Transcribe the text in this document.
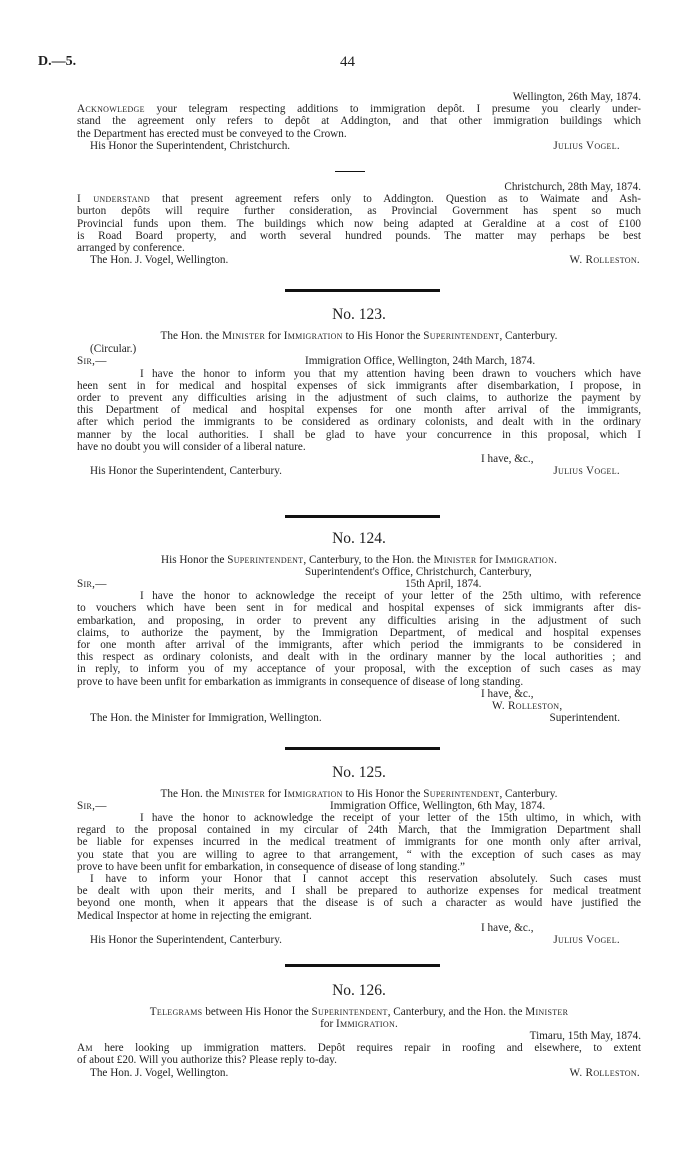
D.—5.	44
Wellington, 26th May, 1874.
Acknowledge your telegram respecting additions to immigration depôt. I presume you clearly under-
stand the agreement only refers to depôt at Addington, and that other immigration buildings which
the Department has erected must be conveyed to the Crown.
His Honor the Superintendent, Christchurch.	Julius Vogel.
Christchurch, 28th May, 1874.
I understand that present agreement refers only to Addington. Question as to Waimate and Ash-
burton depôts will require further consideration, as Provincial Government has spent so much
Provincial funds upon them. The buildings which now being adapted at Geraldine at a cost of £100
is Road Board property, and worth several hundred pounds. The matter may perhaps be best
arranged by conference.
The Hon. J. Vogel, Wellington.	W. Rolleston.
No. 123.
The Hon. the Minister for Immigration to His Honor the Superintendent, Canterbury.
(Circular.)
Sir,—	Immigration Office, Wellington, 24th March, 1874.
I have the honor to inform you that my attention having been drawn to vouchers which have
heen sent in for medical and hospital expenses of sick immigrants after disembarkation, I propose, in
order to prevent any difficulties arising in the adjustment of such claims, to authorize the payment by
this Department of medical and hospital expenses for one month after arrival of the immigrants,
after which period the immigrants to be considered as ordinary colonists, and dealt with in the ordinary
manner by the local authorities. I shall be glad to have your concurrence in this proposal, which I
have no doubt you will consider of a liberal nature.
I have, &c.,
His Honor the Superintendent, Canterbury.	Julius Vogel.
No. 124.
His Honor the Superintendent, Canterbury, to the Hon. the Minister for Immigration.
Superintendent's Office, Christchurch, Canterbury,
Sir,—	15th April, 1874.
I have the honor to acknowledge the receipt of your letter of the 25th ultimo, with reference
to vouchers which have been sent in for medical and hospital expenses of sick immigrants after dis-
embarkation, and proposing, in order to prevent any difficulties arising in the adjustment of such
claims, to authorize the payment, by the Immigration Department, of medical and hospital expenses
for one month after arrival of the immigrants, after which period the immigrants to be considered in
this respect as ordinary colonists, and dealt with in the ordinary manner by the local authorities ; and
in reply, to inform you of my acceptance of your proposal, with the exception of such cases as may
prove to have been unfit for embarkation as immigrants in consequence of disease of long standing.
I have, &c.,
W. Rolleston,
The Hon. the Minister for Immigration, Wellington.	Superintendent.
No. 125.
The Hon. the Minister for Immigration to His Honor the Superintendent, Canterbury.
Sir,—	Immigration Office, Wellington, 6th May, 1874.
I have the honor to acknowledge the receipt of your letter of the 15th ultimo, in which, with
regard to the proposal contained in my circular of 24th March, that the Immigration Department shall
be liable for expenses incurred in the medical treatment of immigrants for one month only after arrival,
you state that you are willing to agree to that arrangement, “ with the exception of such cases as may
prove to have been unfit for embarkation, in consequence of disease of long standing.”
I have to inform your Honor that I cannot accept this reservation absolutely. Such cases must
be dealt with upon their merits, and I shall be prepared to authorize expenses for medical treatment
beyond one month, when it appears that the disease is of such a character as would have justified the
Medical Inspector at home in rejecting the emigrant.
I have, &c.,
His Honor the Superintendent, Canterbury.	Julius Vogel.
No. 126.
Telegrams between His Honor the Superintendent, Canterbury, and the Hon. the Minister
for Immigration.
Timaru, 15th May, 1874.
Am here looking up immigration matters. Depôt requires repair in roofing and elsewhere, to extent
of about £20. Will you authorize this? Please reply to-day.
The Hon. J. Vogel, Wellington.	W. Rolleston.
